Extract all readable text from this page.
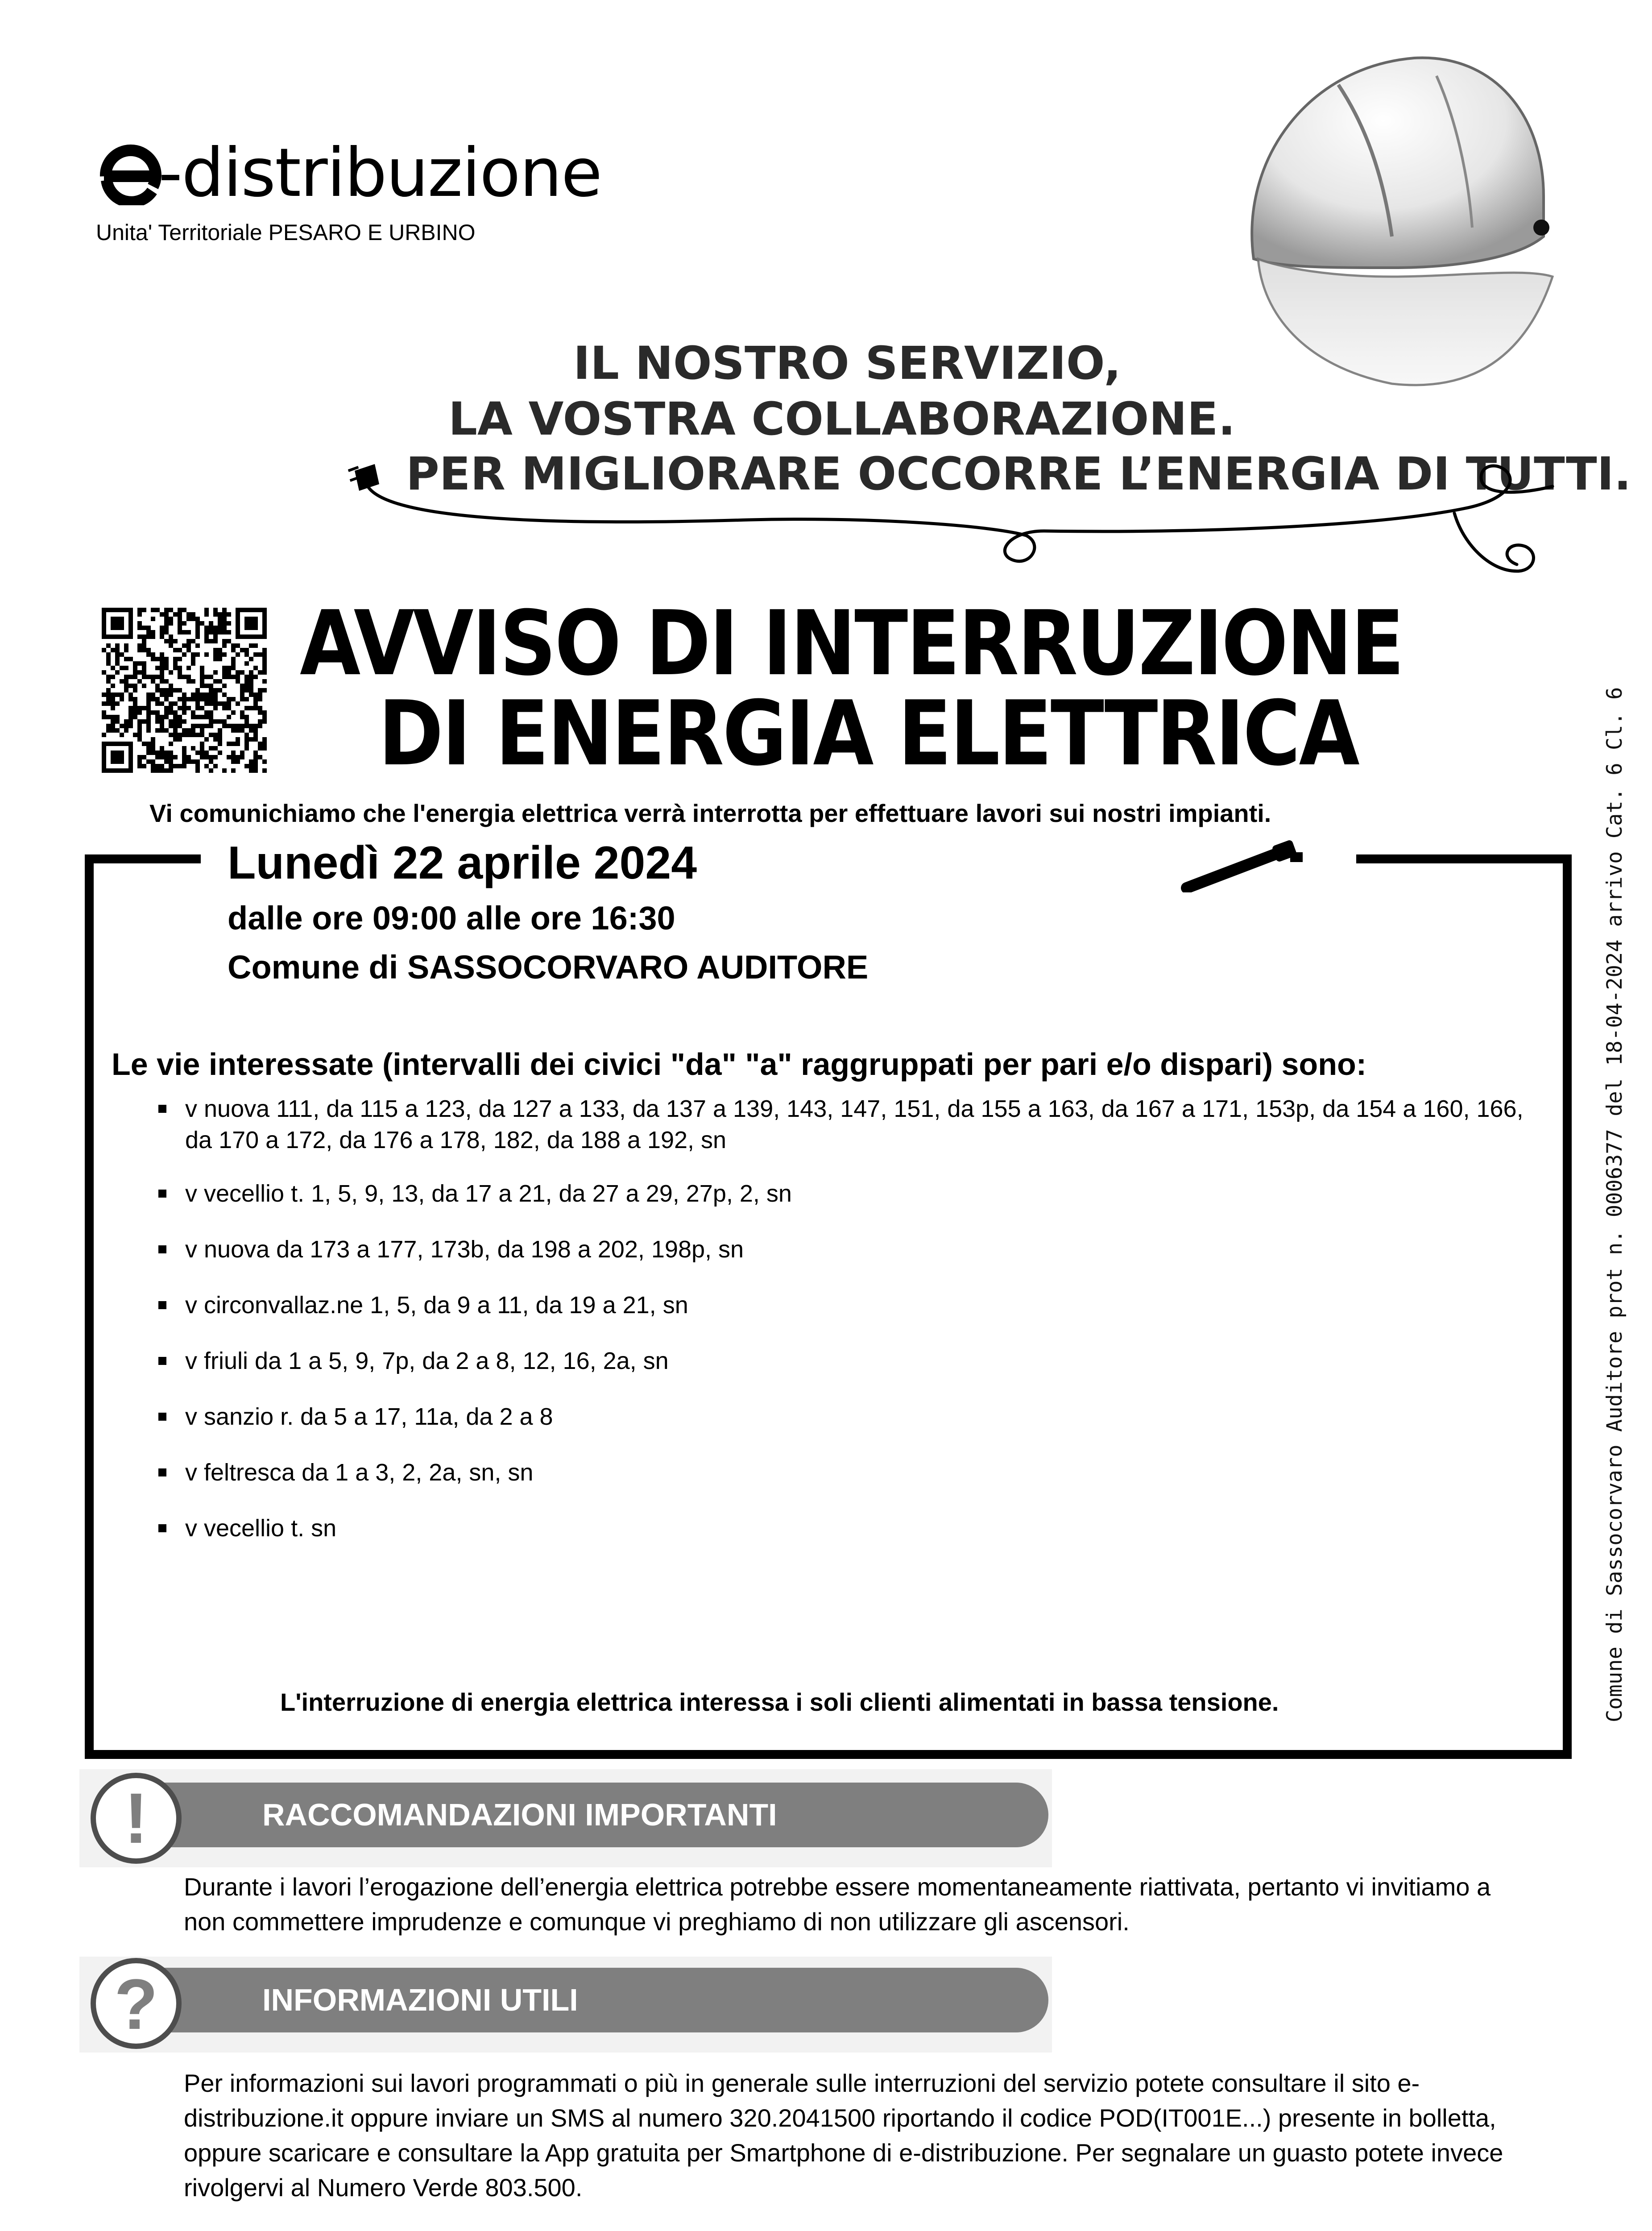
-distribuzione
Unita' Territoriale PESARO E URBINO
IL NOSTRO SERVIZIO,
LA VOSTRA COLLABORAZIONE.
PER MIGLIORARE OCCORRE L’ENERGIA DI TUTTI.
AVVISO DI INTERRUZIONE
DI ENERGIA ELETTRICA
Vi comunichiamo che l'energia elettrica verrà interrotta per effettuare lavori sui nostri impianti.
Lunedì 22 aprile 2024
dalle ore 09:00 alle ore 16:30
Comune di SASSOCORVARO AUDITORE
Le vie interessate (intervalli dei civici "da" "a" raggruppati per pari e/o dispari) sono:
v nuova 111, da 115 a 123, da 127 a 133, da 137 a 139, 143, 147, 151, da 155 a 163, da 167 a 171, 153p, da 154 a 160, 166, da 170 a 172, da 176 a 178, 182, da 188 a 192, sn
v vecellio t. 1, 5, 9, 13, da 17 a 21, da 27 a 29, 27p, 2, sn
v nuova da 173 a 177, 173b, da 198 a 202, 198p, sn
v circonvallaz.ne 1, 5, da 9 a 11, da 19 a 21, sn
v friuli da 1 a 5, 9, 7p, da 2 a 8, 12, 16, 2a, sn
v sanzio r. da 5 a 17, 11a, da 2 a 8
v feltresca da 1 a 3, 2, 2a, sn, sn
v vecellio t. sn
L'interruzione di energia elettrica interessa i soli clienti alimentati in bassa tensione.	Comune di Sassocorvaro Auditore prot n. 0006377 del 18-04-2024 arrivo Cat. 6 Cl. 6
RACCOMANDAZIONI IMPORTANTI
!
Durante i lavori l’erogazione dell’energia elettrica potrebbe essere momentaneamente riattivata, pertanto vi invitiamo a non commettere imprudenze e comunque vi preghiamo di non utilizzare gli ascensori.
INFORMAZIONI UTILI
?
Per informazioni sui lavori programmati o più in generale sulle interruzioni del servizio potete consultare il sito e-distribuzione.it oppure inviare un SMS al numero 320.2041500 riportando il codice POD(IT001E...) presente in bolletta, oppure scaricare e consultare la App gratuita per Smartphone di e-distribuzione. Per segnalare un guasto potete invece rivolgervi al Numero Verde 803.500.
